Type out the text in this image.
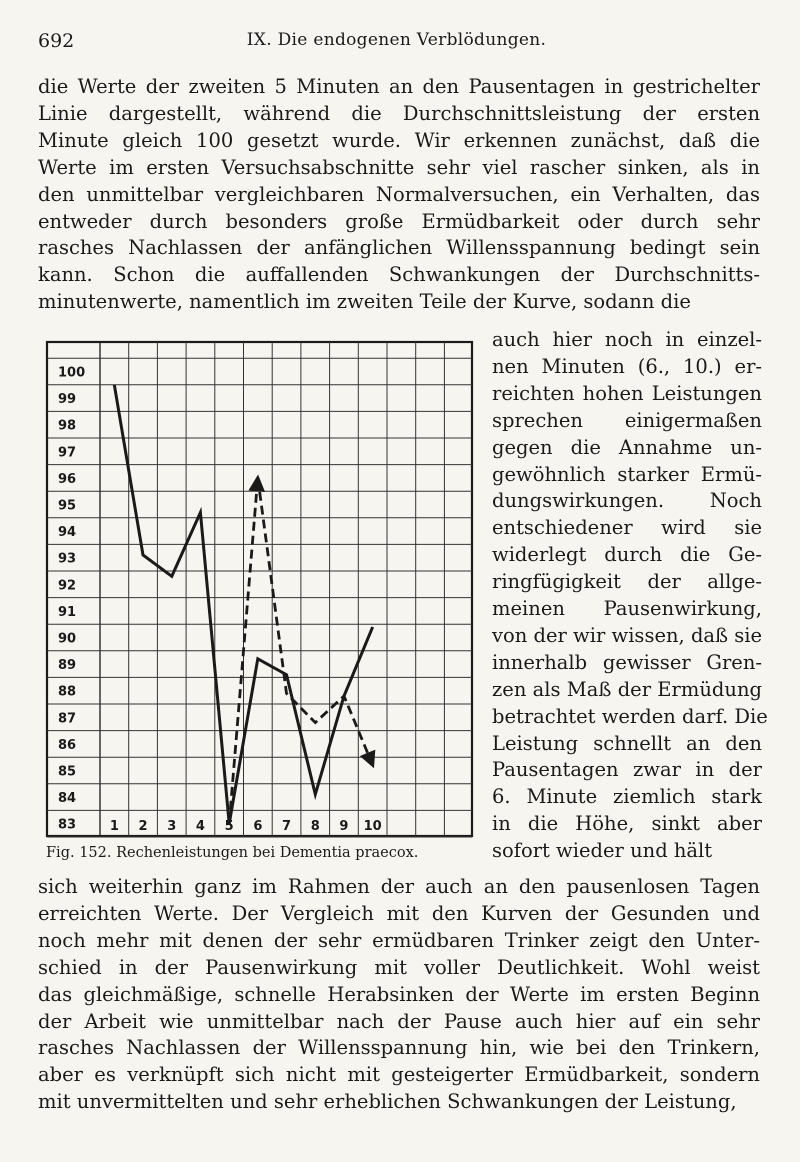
692	IX. Die endogenen Verblödungen.
die Werte der zweiten 5 Minuten an den Pausentagen in gestrichelter
Linie dargestellt, während die Durchschnittsleistung der ersten
Minute gleich 100 gesetzt wurde. Wir erkennen zunächst, daß die
Werte im ersten Versuchsabschnitte sehr viel rascher sinken, als in
den unmittelbar vergleichbaren Normalversuchen, ein Verhalten, das
entweder durch besonders große Ermüdbarkeit oder durch sehr
rasches Nachlassen der anfänglichen Willensspannung bedingt sein
kann. Schon die auffallenden Schwankungen der Durchschnitts-
minutenwerte, namentlich im zweiten Teile der Kurve, sodann die
100
99
98
97
96
95
94
93
92
91
90
89
88
87
86
85
84
83	1 2 3 4 5 6 7 8 9 10
auch hier noch in einzel-
nen Minuten (6., 10.) er-
reichten hohen Leistungen
sprechen einigermaßen
gegen die Annahme un-
gewöhnlich starker Ermü-
dungswirkungen. Noch
entschiedener wird sie
widerlegt durch die Ge-
ringfügigkeit der allge-
meinen Pausenwirkung,
von der wir wissen, daß sie
innerhalb gewisser Gren-
zen als Maß der Ermüdung
betrachtet werden darf. Die
Leistung schnellt an den
Pausentagen zwar in der
6. Minute ziemlich stark
in die Höhe, sinkt aber
sofort wieder und hält
Fig. 152. Rechenleistungen bei Dementia praecox.
sich weiterhin ganz im Rahmen der auch an den pausenlosen Tagen
erreichten Werte. Der Vergleich mit den Kurven der Gesunden und
noch mehr mit denen der sehr ermüdbaren Trinker zeigt den Unter-
schied in der Pausenwirkung mit voller Deutlichkeit. Wohl weist
das gleichmäßige, schnelle Herabsinken der Werte im ersten Beginn
der Arbeit wie unmittelbar nach der Pause auch hier auf ein sehr
rasches Nachlassen der Willensspannung hin, wie bei den Trinkern,
aber es verknüpft sich nicht mit gesteigerter Ermüdbarkeit, sondern
mit unvermittelten und sehr erheblichen Schwankungen der Leistung,
